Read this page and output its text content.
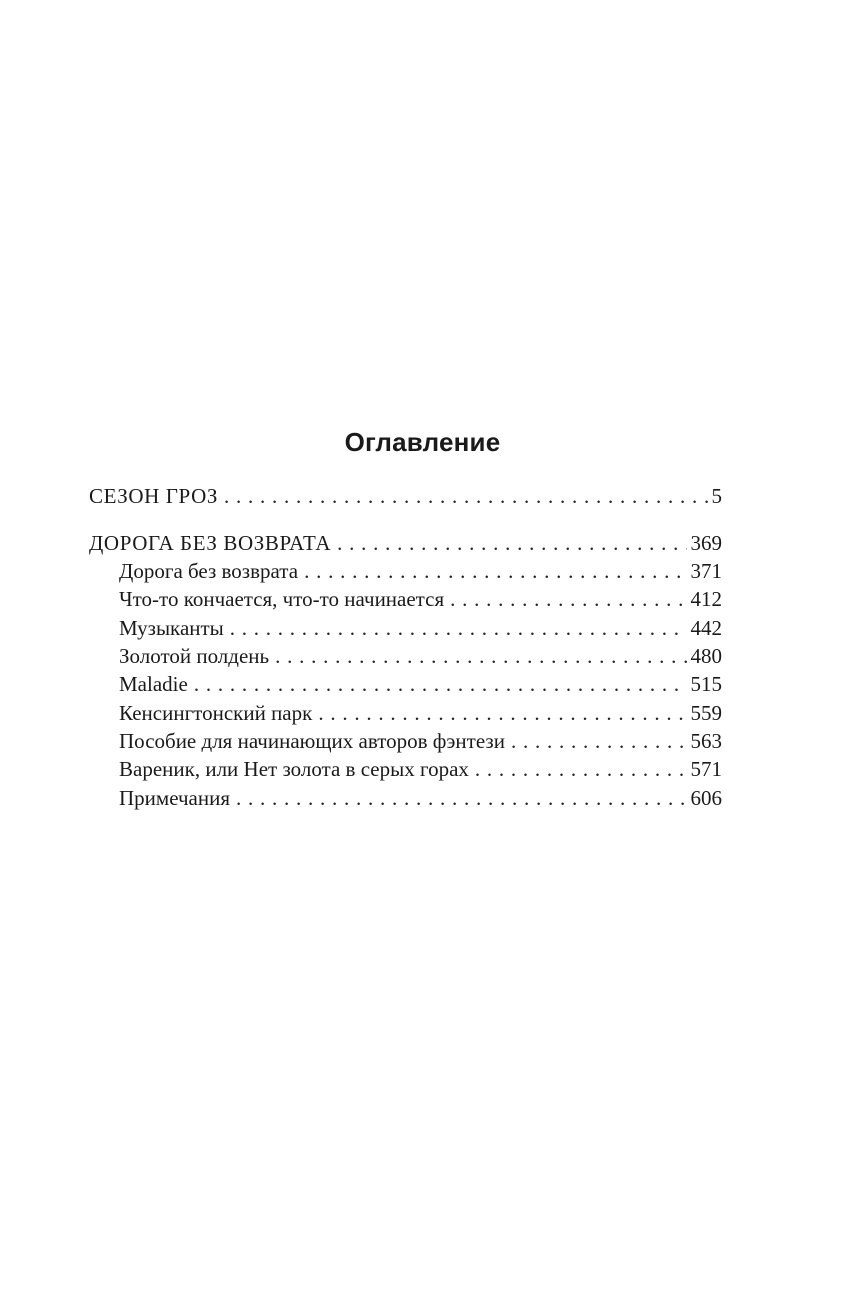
Оглавление
СЕЗОН ГРОЗ . . .	5
ДОРОГА БЕЗ ВОЗВРАТА . . .	369
Дорога без возврата . . .	371
Что-то кончается, что-то начинается . . .	412
Музыканты . . .	442
Золотой полдень . . .	480
Maladie . . .	515
Кенсингтонский парк . . .	559
Пособие для начинающих авторов фэнтези . . .	563
Вареник, или Нет золота в серых горах . . .	571
Примечания . . .	606
